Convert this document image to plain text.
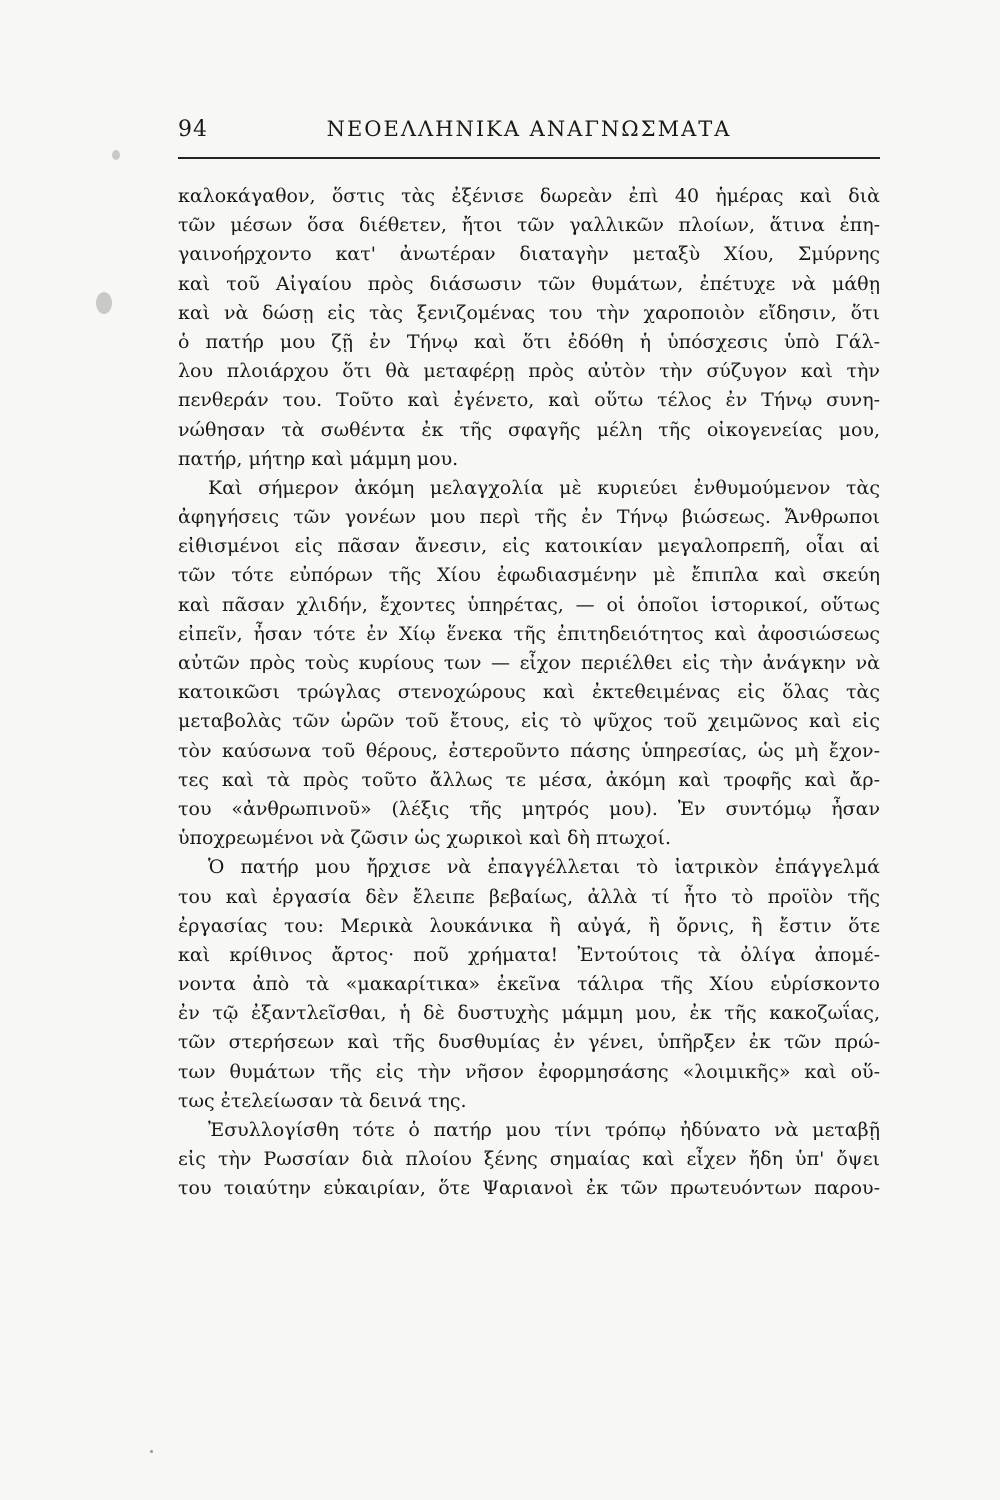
94	ΝΕΟΕΛΛΗΝΙΚΑ ΑΝΑΓΝΩΣΜΑΤΑ
καλοκάγαθον, ὅστις τὰς ἐξένισε δωρεὰν ἐπὶ 40 ἡμέρας καὶ διὰ
τῶν μέσων ὅσα διέθετεν, ἤτοι τῶν γαλλικῶν πλοίων, ἅτινα ἐπη-
γαινοήρχοντο κατ' ἀνωτέραν διαταγὴν μεταξὺ Χίου, Σμύρνης
καὶ τοῦ Αἰγαίου πρὸς διάσωσιν τῶν θυμάτων, ἐπέτυχε νὰ μάθῃ
καὶ νὰ δώσῃ εἰς τὰς ξενιζομένας του τὴν χαροποιὸν εἴδησιν, ὅτι
ὁ πατήρ μου ζῇ ἐν Τήνῳ καὶ ὅτι ἐδόθη ἡ ὑπόσχεσις ὑπὸ Γάλ-
λου πλοιάρχου ὅτι θὰ μεταφέρῃ πρὸς αὐτὸν τὴν σύζυγον καὶ τὴν
πενθεράν του. Τοῦτο καὶ ἐγένετο, καὶ οὕτω τέλος ἐν Τήνῳ συνη-
νώθησαν τὰ σωθέντα ἐκ τῆς σφαγῆς μέλη τῆς οἰκογενείας μου,
πατήρ, μήτηρ καὶ μάμμη μου.
Καὶ σήμερον ἀκόμη μελαγχολία μὲ κυριεύει ἐνθυμούμενον τὰς
ἀφηγήσεις τῶν γονέων μου περὶ τῆς ἐν Τήνῳ βιώσεως. Ἄνθρωποι
εἰθισμένοι εἰς πᾶσαν ἄνεσιν, εἰς κατοικίαν μεγαλοπρεπῆ, οἷαι αἱ
τῶν τότε εὐπόρων τῆς Χίου ἐφωδιασμένην μὲ ἔπιπλα καὶ σκεύη
καὶ πᾶσαν χλιδήν, ἔχοντες ὑπηρέτας, — οἱ ὁποῖοι ἱστορικοί, οὕτως
εἰπεῖν, ἦσαν τότε ἐν Χίῳ ἕνεκα τῆς ἐπιτηδειότητος καὶ ἀφοσιώσεως
αὐτῶν πρὸς τοὺς κυρίους των — εἶχον περιέλθει εἰς τὴν ἀνάγκην νὰ
κατοικῶσι τρώγλας στενοχώρους καὶ ἐκτεθειμένας εἰς ὅλας τὰς
μεταβολὰς τῶν ὡρῶν τοῦ ἔτους, εἰς τὸ ψῦχος τοῦ χειμῶνος καὶ εἰς
τὸν καύσωνα τοῦ θέρους, ἐστεροῦντο πάσης ὑπηρεσίας, ὡς μὴ ἔχον-
τες καὶ τὰ πρὸς τοῦτο ἄλλως τε μέσα, ἀκόμη καὶ τροφῆς καὶ ἄρ-
του «ἀνθρωπινοῦ» (λέξις τῆς μητρός μου). Ἐν συντόμῳ ἦσαν
ὑποχρεωμένοι νὰ ζῶσιν ὡς χωρικοὶ καὶ δὴ πτωχοί.
Ὁ πατήρ μου ἤρχισε νὰ ἐπαγγέλλεται τὸ ἰατρικὸν ἐπάγγελμά
του καὶ ἐργασία δὲν ἔλειπε βεβαίως, ἀλλὰ τί ἦτο τὸ προϊὸν τῆς
ἐργασίας του: Μερικὰ λουκάνικα ἢ αὐγά, ἢ ὄρνις, ἢ ἔστιν ὅτε
καὶ κρίθινος ἄρτος· ποῦ χρήματα! Ἐντούτοις τὰ ὀλίγα ἀπομέ-
νοντα ἀπὸ τὰ «μακαρίτικα» ἐκεῖνα τάλιρα τῆς Χίου εὑρίσκοντο
ἐν τῷ ἐξαντλεῖσθαι, ἡ δὲ δυστυχὴς μάμμη μου, ἐκ τῆς κακοζωΐας,
τῶν στερήσεων καὶ τῆς δυσθυμίας ἐν γένει, ὑπῆρξεν ἐκ τῶν πρώ-
των θυμάτων τῆς εἰς τὴν νῆσον ἐφορμησάσης «λοιμικῆς» καὶ οὕ-
τως ἐτελείωσαν τὰ δεινά της.
Ἐσυλλογίσθη τότε ὁ πατήρ μου τίνι τρόπῳ ἠδύνατο νὰ μεταβῇ
εἰς τὴν Ρωσσίαν διὰ πλοίου ξένης σημαίας καὶ εἶχεν ἤδη ὑπ' ὄψει
του τοιαύτην εὐκαιρίαν, ὅτε Ψαριανοὶ ἐκ τῶν πρωτευόντων παρου-
